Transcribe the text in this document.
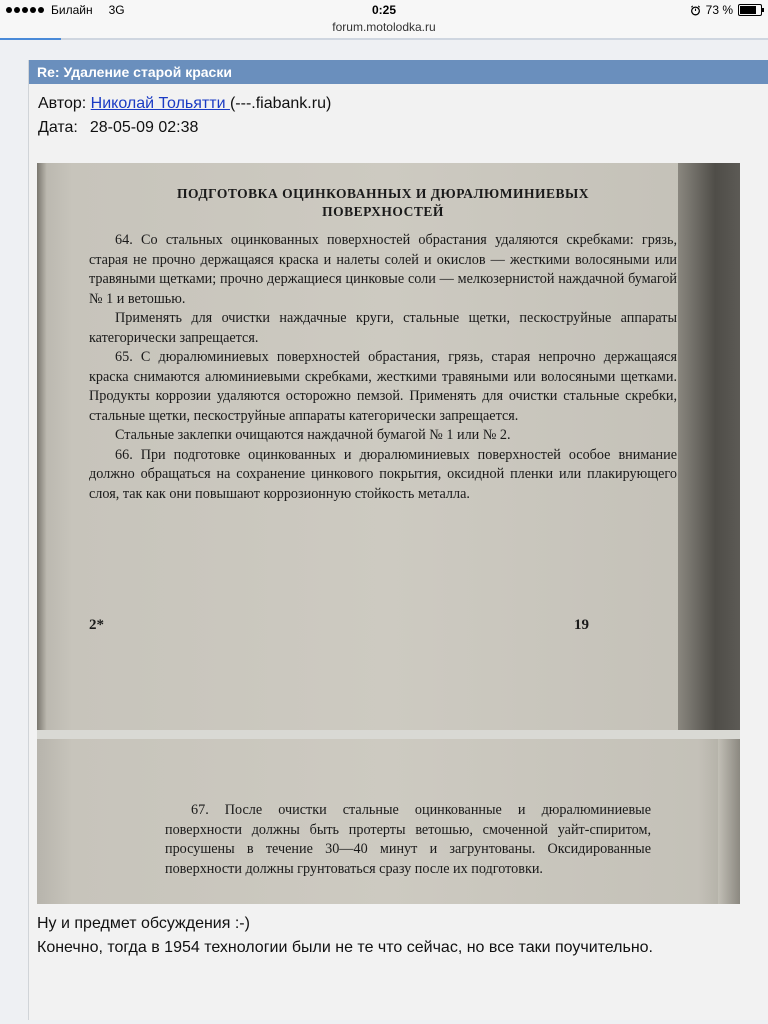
Билайн 3G	0:25	73 %
forum.motolodka.ru
Re: Удаление старой краски
Автор: Николай Тольятти (---.fiabank.ru)
Дата: 28-05-09 02:38
ПОДГОТОВКА ОЦИНКОВАННЫХ И ДЮРАЛЮМИНИЕВЫХ
ПОВЕРХНОСТЕЙ

64. Со стальных оцинкованных поверхностей обрастания удаляются скребками: грязь, старая не прочно держащаяся краска и налеты солей и окислов — жесткими волосяными или травяными щетками; прочно держащиеся цинковые соли — мелкозернистой наждачной бумагой № 1 и ветошью.

Применять для очистки наждачные круги, стальные щетки, пескоструйные аппараты категорически запрещается.

65. С дюралюминиевых поверхностей обрастания, грязь, старая непрочно держащаяся краска снимаются алюминиевыми скребками, жесткими травяными или волосяными щетками. Продукты коррозии удаляются осторожно пемзой. Применять для очистки стальные скребки, стальные щетки, пескоструйные аппараты категорически запрещается.

Стальные заклепки очищаются наждачной бумагой № 1 или № 2.

66. При подготовке оцинкованных и дюралюминиевых поверхностей особое внимание должно обращаться на сохранение цинкового покрытия, оксидной пленки или плакирующего слоя, так как они повышают коррозионную стойкость металла.

2*	19

67. После очистки стальные оцинкованные и дюралюминиевые поверхности должны быть протерты ветошью, смоченной уайт-спиритом, просушены в течение 30—40 минут и загрунтованы. Оксидированные поверхности должны грунтоваться сразу после их подготовки.

Ну и предмет обсуждения :-)
Конечно, тогда в 1954 технологии были не те что сейчас, но все таки поучительно.
